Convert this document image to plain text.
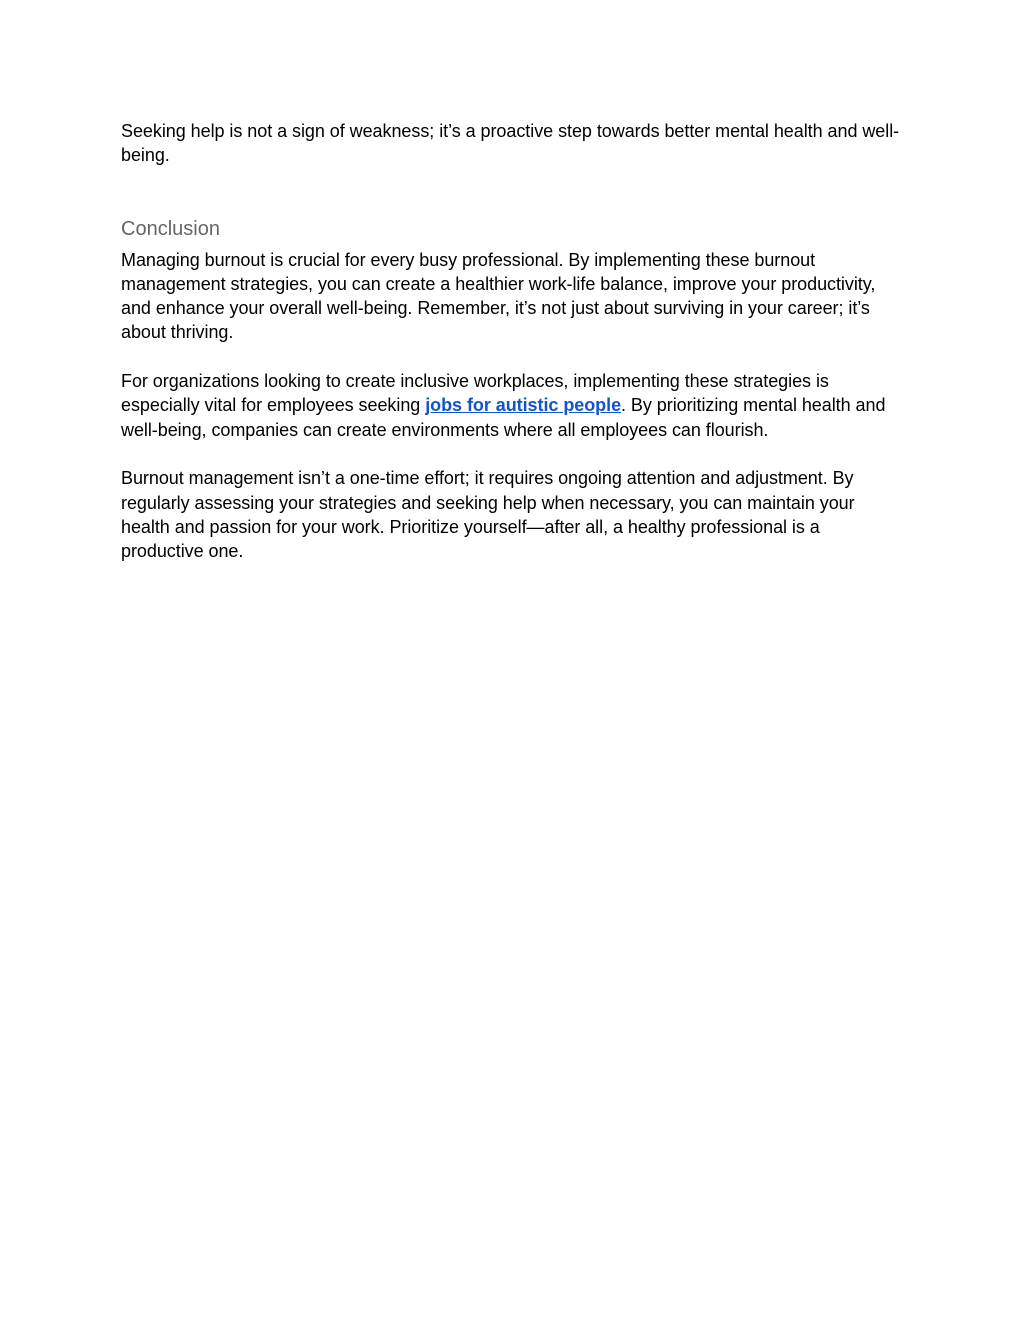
Seeking help is not a sign of weakness; it’s a proactive step towards better mental health and well-being.

Conclusion

Managing burnout is crucial for every busy professional. By implementing these burnout management strategies, you can create a healthier work-life balance, improve your productivity, and enhance your overall well-being. Remember, it’s not just about surviving in your career; it’s about thriving.

For organizations looking to create inclusive workplaces, implementing these strategies is especially vital for employees seeking jobs for autistic people. By prioritizing mental health and well-being, companies can create environments where all employees can flourish.

Burnout management isn’t a one-time effort; it requires ongoing attention and adjustment. By regularly assessing your strategies and seeking help when necessary, you can maintain your health and passion for your work. Prioritize yourself—after all, a healthy professional is a productive one.
